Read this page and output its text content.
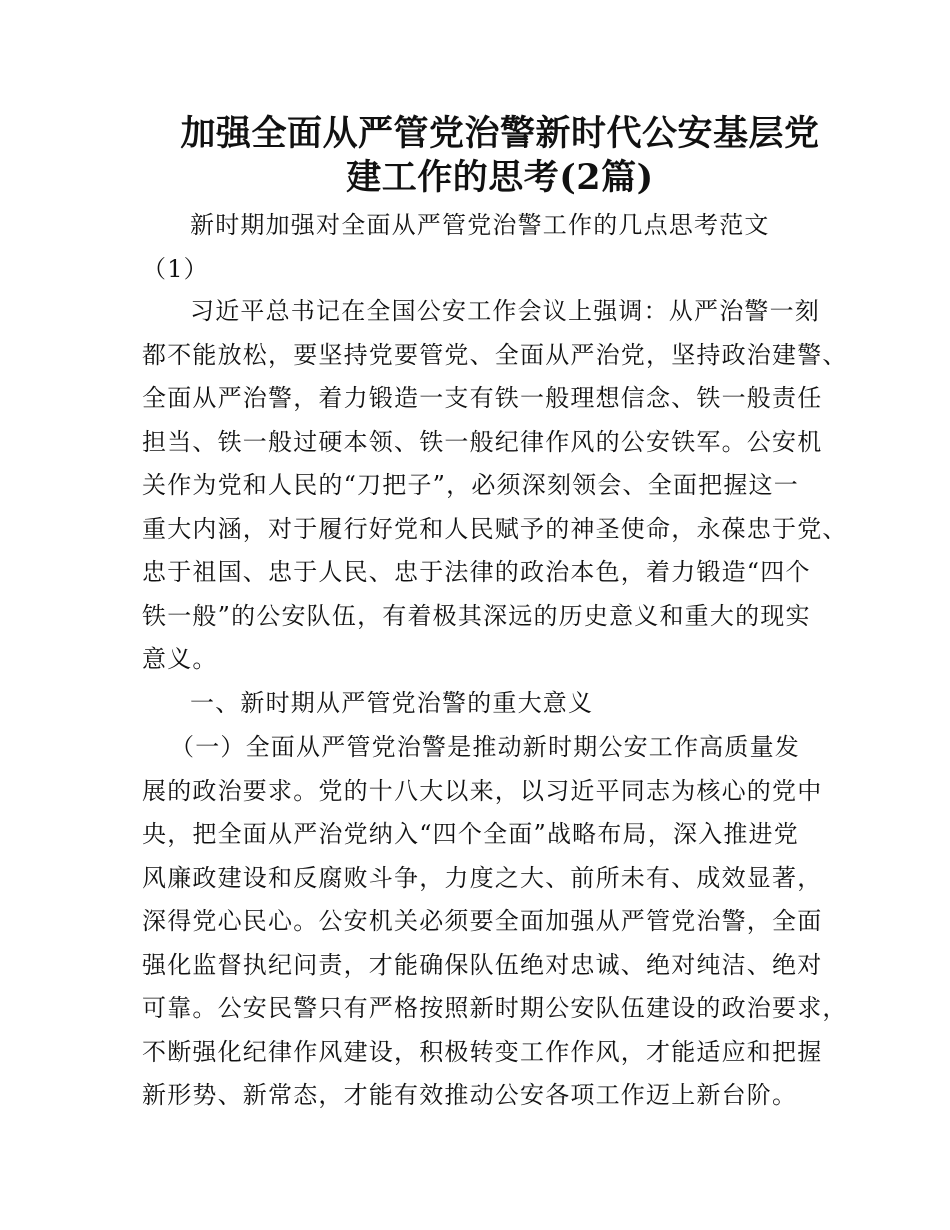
加强全面从严管党治警新时代公安基层党
建工作的思考(2篇)
新时期加强对全面从严管党治警工作的几点思考范文
（1）
习近平总书记在全国公安工作会议上强调：从严治警一刻
都不能放松，要坚持党要管党、全面从严治党，坚持政治建警、
全面从严治警，着力锻造一支有铁一般理想信念、铁一般责任
担当、铁一般过硬本领、铁一般纪律作风的公安铁军。公安机
关作为党和人民的“刀把子”，必须深刻领会、全面把握这一
重大内涵，对于履行好党和人民赋予的神圣使命，永葆忠于党、
忠于祖国、忠于人民、忠于法律的政治本色，着力锻造“四个
铁一般”的公安队伍，有着极其深远的历史意义和重大的现实
意义。
一、新时期从严管党治警的重大意义
（一）全面从严管党治警是推动新时期公安工作高质量发
展的政治要求。党的十八大以来，以习近平同志为核心的党中
央，把全面从严治党纳入“四个全面”战略布局，深入推进党
风廉政建设和反腐败斗争，力度之大、前所未有、成效显著，
深得党心民心。公安机关必须要全面加强从严管党治警，全面
强化监督执纪问责，才能确保队伍绝对忠诚、绝对纯洁、绝对
可靠。公安民警只有严格按照新时期公安队伍建设的政治要求，
不断强化纪律作风建设，积极转变工作作风，才能适应和把握
新形势、新常态，才能有效推动公安各项工作迈上新台阶。
